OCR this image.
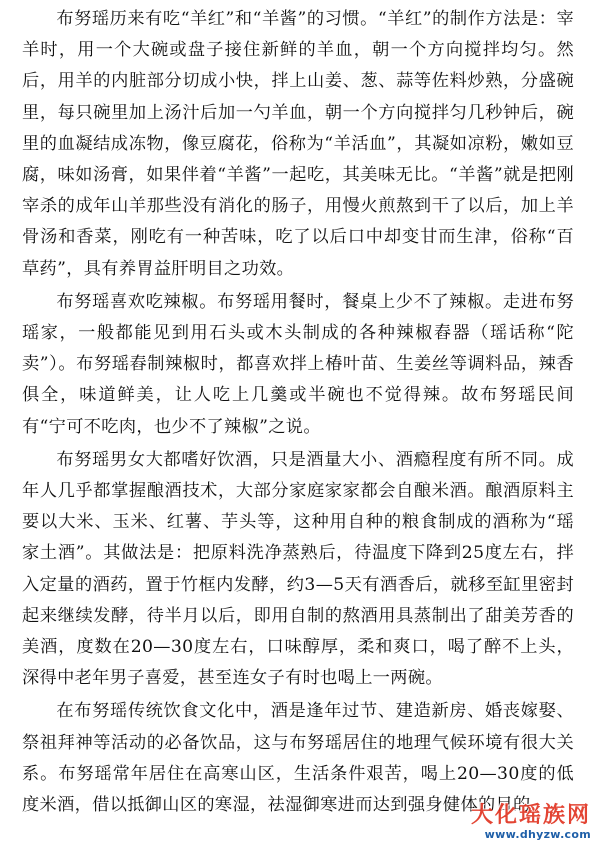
布努瑶历来有吃“羊红”和“羊酱”的习惯。“羊红”的制作方法是：宰羊时，用一个大碗或盘子接住新鲜的羊血，朝一个方向搅拌均匀。然后，用羊的内脏部分切成小快，拌上山姜、葱、蒜等佐料炒熟，分盛碗里，每只碗里加上汤汁后加一勺羊血，朝一个方向搅拌匀几秒钟后，碗里的血凝结成冻物，像豆腐花，俗称为“羊活血”，其凝如凉粉，嫩如豆腐，味如汤膏，如果伴着“羊酱”一起吃，其美味无比。“羊酱”就是把刚宰杀的成年山羊那些没有消化的肠子，用慢火煎熬到干了以后，加上羊骨汤和香菜，刚吃有一种苦味，吃了以后口中却变甘而生津，俗称“百草药”，具有养胃益肝明目之功效。

布努瑶喜欢吃辣椒。布努瑶用餐时，餐桌上少不了辣椒。走进布努瑶家，一般都能见到用石头或木头制成的各种辣椒舂器（瑶话称“陀卖”）。布努瑶舂制辣椒时，都喜欢拌上椿叶苗、生姜丝等调料品，辣香俱全，味道鲜美，让人吃上几羹或半碗也不觉得辣。故布努瑶民间有“宁可不吃肉，也少不了辣椒”之说。

布努瑶男女大都嗜好饮酒，只是酒量大小、酒瘾程度有所不同。成年人几乎都掌握酿酒技术，大部分家庭家家都会自酿米酒。酿酒原料主要以大米、玉米、红薯、芋头等，这种用自种的粮食制成的酒称为“瑶家土酒”。其做法是：把原料洗净蒸熟后，待温度下降到25度左右，拌入定量的酒药，置于竹框内发酵，约3—5天有酒香后，就移至缸里密封起来继续发酵，待半月以后，即用自制的熬酒用具蒸制出了甜美芳香的美酒，度数在20—30度左右，口味醇厚，柔和爽口，喝了醉不上头，深得中老年男子喜爱，甚至连女子有时也喝上一两碗。

在布努瑶传统饮食文化中，酒是逢年过节、建造新房、婚丧嫁娶、祭祖拜神等活动的必备饮品，这与布努瑶居住的地理气候环境有很大关系。布努瑶常年居住在高寒山区，生活条件艰苦，喝上20—30度的低度米酒，借以抵御山区的寒湿，祛湿御寒进而达到强身健体的目的

大化瑶族网
www.dhyzw.com
